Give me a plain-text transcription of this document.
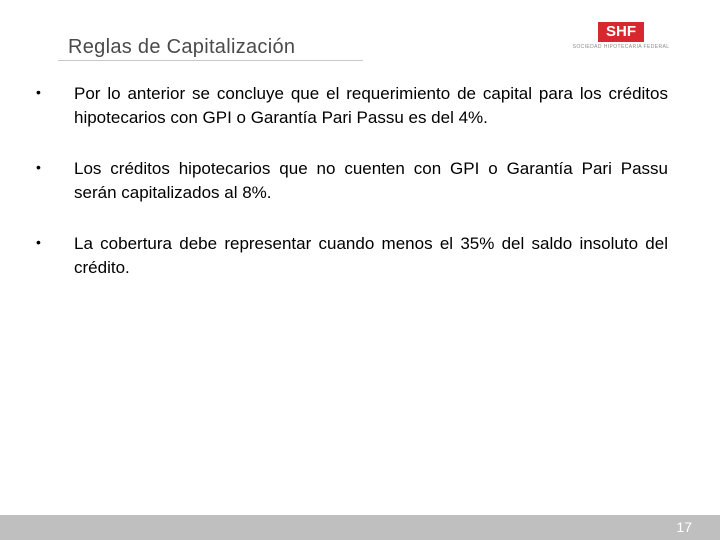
Reglas de Capitalización
SHF
SOCIEDAD HIPOTECARIA FEDERAL
• Por lo anterior se concluye que el requerimiento de capital para los créditos hipotecarios con GPI o Garantía Pari Passu es del 4%.
• Los créditos hipotecarios que no cuenten con GPI o Garantía Pari Passu serán capitalizados al 8%.
• La cobertura debe representar cuando menos el 35% del saldo insoluto del crédito.
17
